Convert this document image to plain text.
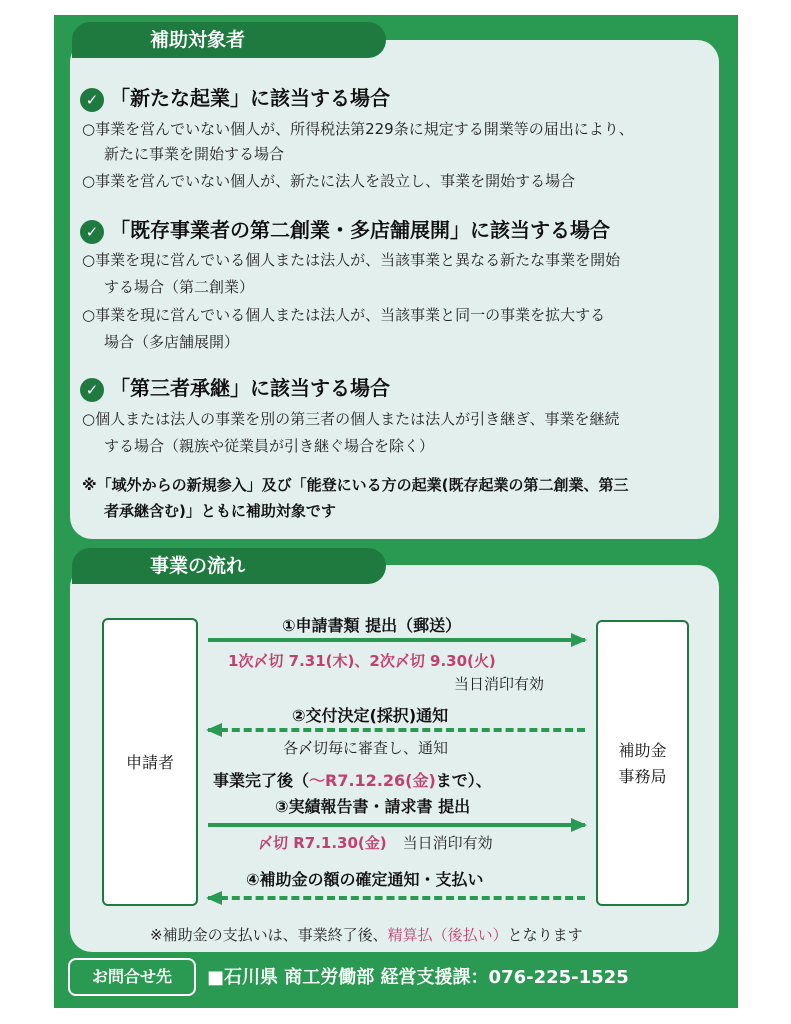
補助対象者
✓ 「新たな起業」に該当する場合
○事業を営んでいない個人が、所得税法第229条に規定する開業等の届出により、
新たに事業を開始する場合
○事業を営んでいない個人が、新たに法人を設立し、事業を開始する場合
✓ 「既存事業者の第二創業・多店舗展開」に該当する場合
○事業を現に営んでいる個人または法人が、当該事業と異なる新たな事業を開始
する場合（第二創業）
○事業を現に営んでいる個人または法人が、当該事業と同一の事業を拡大する
場合（多店舗展開）
✓ 「第三者承継」に該当する場合
○個人または法人の事業を別の第三者の個人または法人が引き継ぎ、事業を継続
する場合（親族や従業員が引き継ぐ場合を除く）
※「域外からの新規参入」及び「能登にいる方の起業(既存起業の第二創業、第三
者承継含む)」ともに補助対象です
事業の流れ
申請者
補助金
事務局
①申請書類 提出（郵送）
1次〆切 7.31(木)、2次〆切 9.30(火)
当日消印有効
②交付決定(採択)通知
各〆切毎に審査し、通知
事業完了後（～R7.12.26(金)まで）、
③実績報告書・請求書 提出
〆切 R7.1.30(金) 当日消印有効
④補助金の額の確定通知・支払い
※補助金の支払いは、事業終了後、精算払（後払い）となります
お問合せ先	■石川県 商工労働部 経営支援課：076-225-1525
